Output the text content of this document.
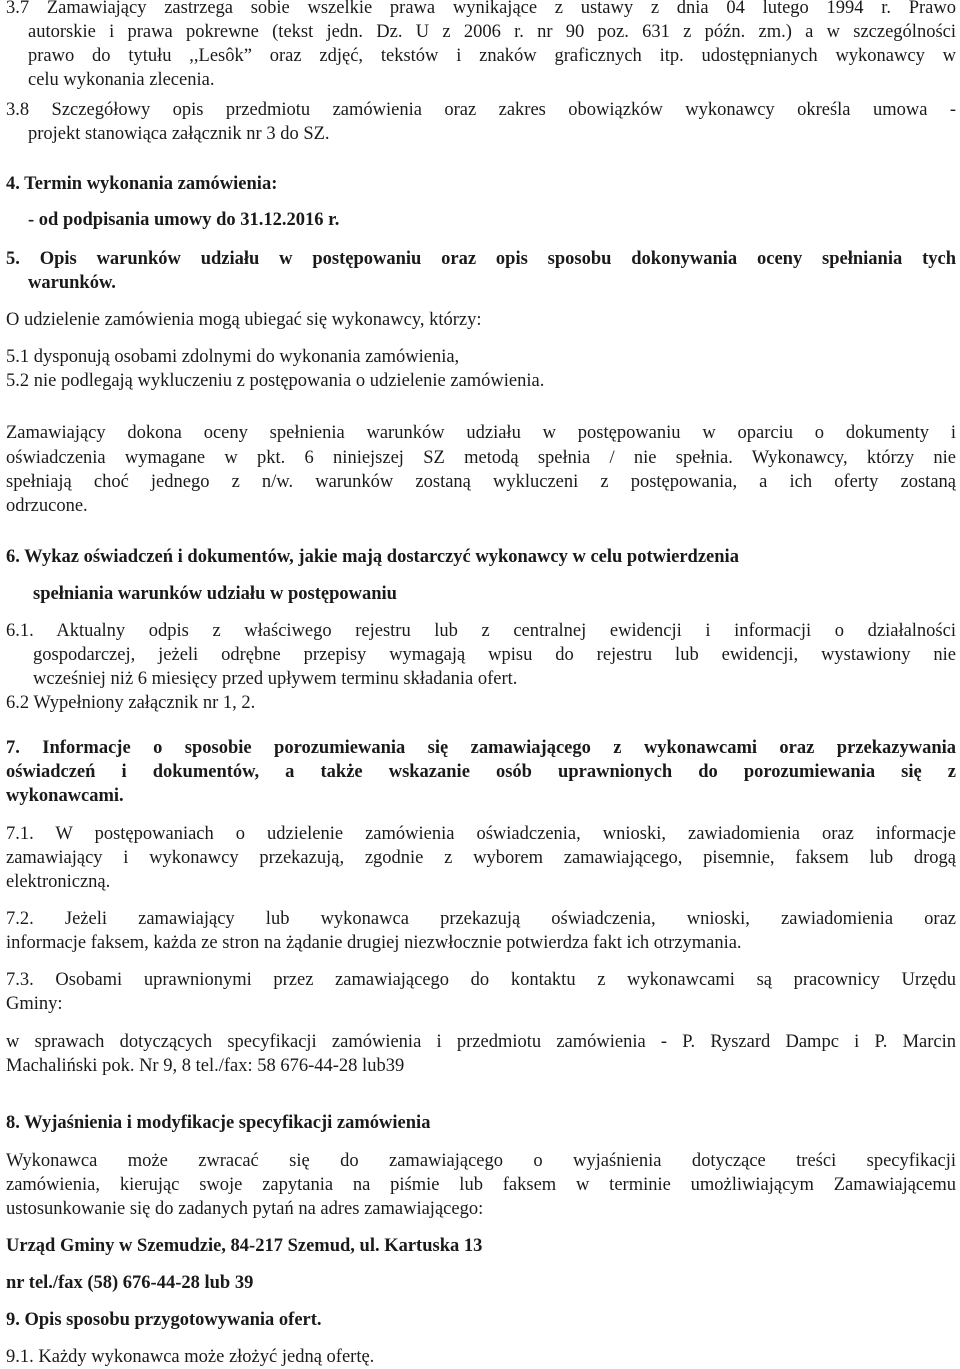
3.7 Zamawiający zastrzega sobie wszelkie prawa wynikające z ustawy z dnia 04 lutego 1994 r. Prawo
autorskie i prawa pokrewne (tekst jedn. Dz. U z 2006 r. nr 90 poz. 631 z późn. zm.) a w szczególności
prawo do tytułu ,,Lesôk” oraz zdjęć, tekstów i znaków graficznych itp. udostępnianych wykonawcy w
celu wykonania zlecenia.
3.8 Szczegółowy opis przedmiotu zamówienia oraz zakres obowiązków wykonawcy określa umowa -
projekt stanowiąca załącznik nr 3 do SZ.
4. Termin wykonania zamówienia:
- od podpisania umowy do 31.12.2016 r.
5. Opis warunków udziału w postępowaniu oraz opis sposobu dokonywania oceny spełniania tych
warunków.
O udzielenie zamówienia mogą ubiegać się wykonawcy, którzy:
5.1 dysponują osobami zdolnymi do wykonania zamówienia,
5.2 nie podlegają wykluczeniu z postępowania o udzielenie zamówienia.
Zamawiający dokona oceny spełnienia warunków udziału w postępowaniu w oparciu o dokumenty i
oświadczenia wymagane w pkt. 6 niniejszej SZ metodą spełnia / nie spełnia. Wykonawcy, którzy nie
spełniają choć jednego z n/w. warunków zostaną wykluczeni z postępowania, a ich oferty zostaną
odrzucone.
6. Wykaz oświadczeń i dokumentów, jakie mają dostarczyć wykonawcy w celu potwierdzenia
spełniania warunków udziału w postępowaniu
6.1. Aktualny odpis z właściwego rejestru lub z centralnej ewidencji i informacji o działalności
gospodarczej, jeżeli odrębne przepisy wymagają wpisu do rejestru lub ewidencji, wystawiony nie
wcześniej niż 6 miesięcy przed upływem terminu składania ofert.
6.2 Wypełniony załącznik nr 1, 2.
7. Informacje o sposobie porozumiewania się zamawiającego z wykonawcami oraz przekazywania
oświadczeń i dokumentów, a także wskazanie osób uprawnionych do porozumiewania się z
wykonawcami.
7.1. W postępowaniach o udzielenie zamówienia oświadczenia, wnioski, zawiadomienia oraz informacje
zamawiający i wykonawcy przekazują, zgodnie z wyborem zamawiającego, pisemnie, faksem lub drogą
elektroniczną.
7.2. Jeżeli zamawiający lub wykonawca przekazują oświadczenia, wnioski, zawiadomienia oraz
informacje faksem, każda ze stron na żądanie drugiej niezwłocznie potwierdza fakt ich otrzymania.
7.3. Osobami uprawnionymi przez zamawiającego do kontaktu z wykonawcami są pracownicy Urzędu
Gminy:
w sprawach dotyczących specyfikacji zamówienia i przedmiotu zamówienia - P. Ryszard Dampc i P. Marcin
Machaliński pok. Nr 9, 8 tel./fax: 58 676-44-28 lub39
8. Wyjaśnienia i modyfikacje specyfikacji zamówienia
Wykonawca może zwracać się do zamawiającego o wyjaśnienia dotyczące treści specyfikacji
zamówienia, kierując swoje zapytania na piśmie lub faksem w terminie umożliwiającym Zamawiającemu
ustosunkowanie się do zadanych pytań na adres zamawiającego:
Urząd Gminy w Szemudzie, 84-217 Szemud, ul. Kartuska 13
nr tel./fax (58) 676-44-28 lub 39
9. Opis sposobu przygotowywania ofert.
9.1. Każdy wykonawca może złożyć jedną ofertę.
